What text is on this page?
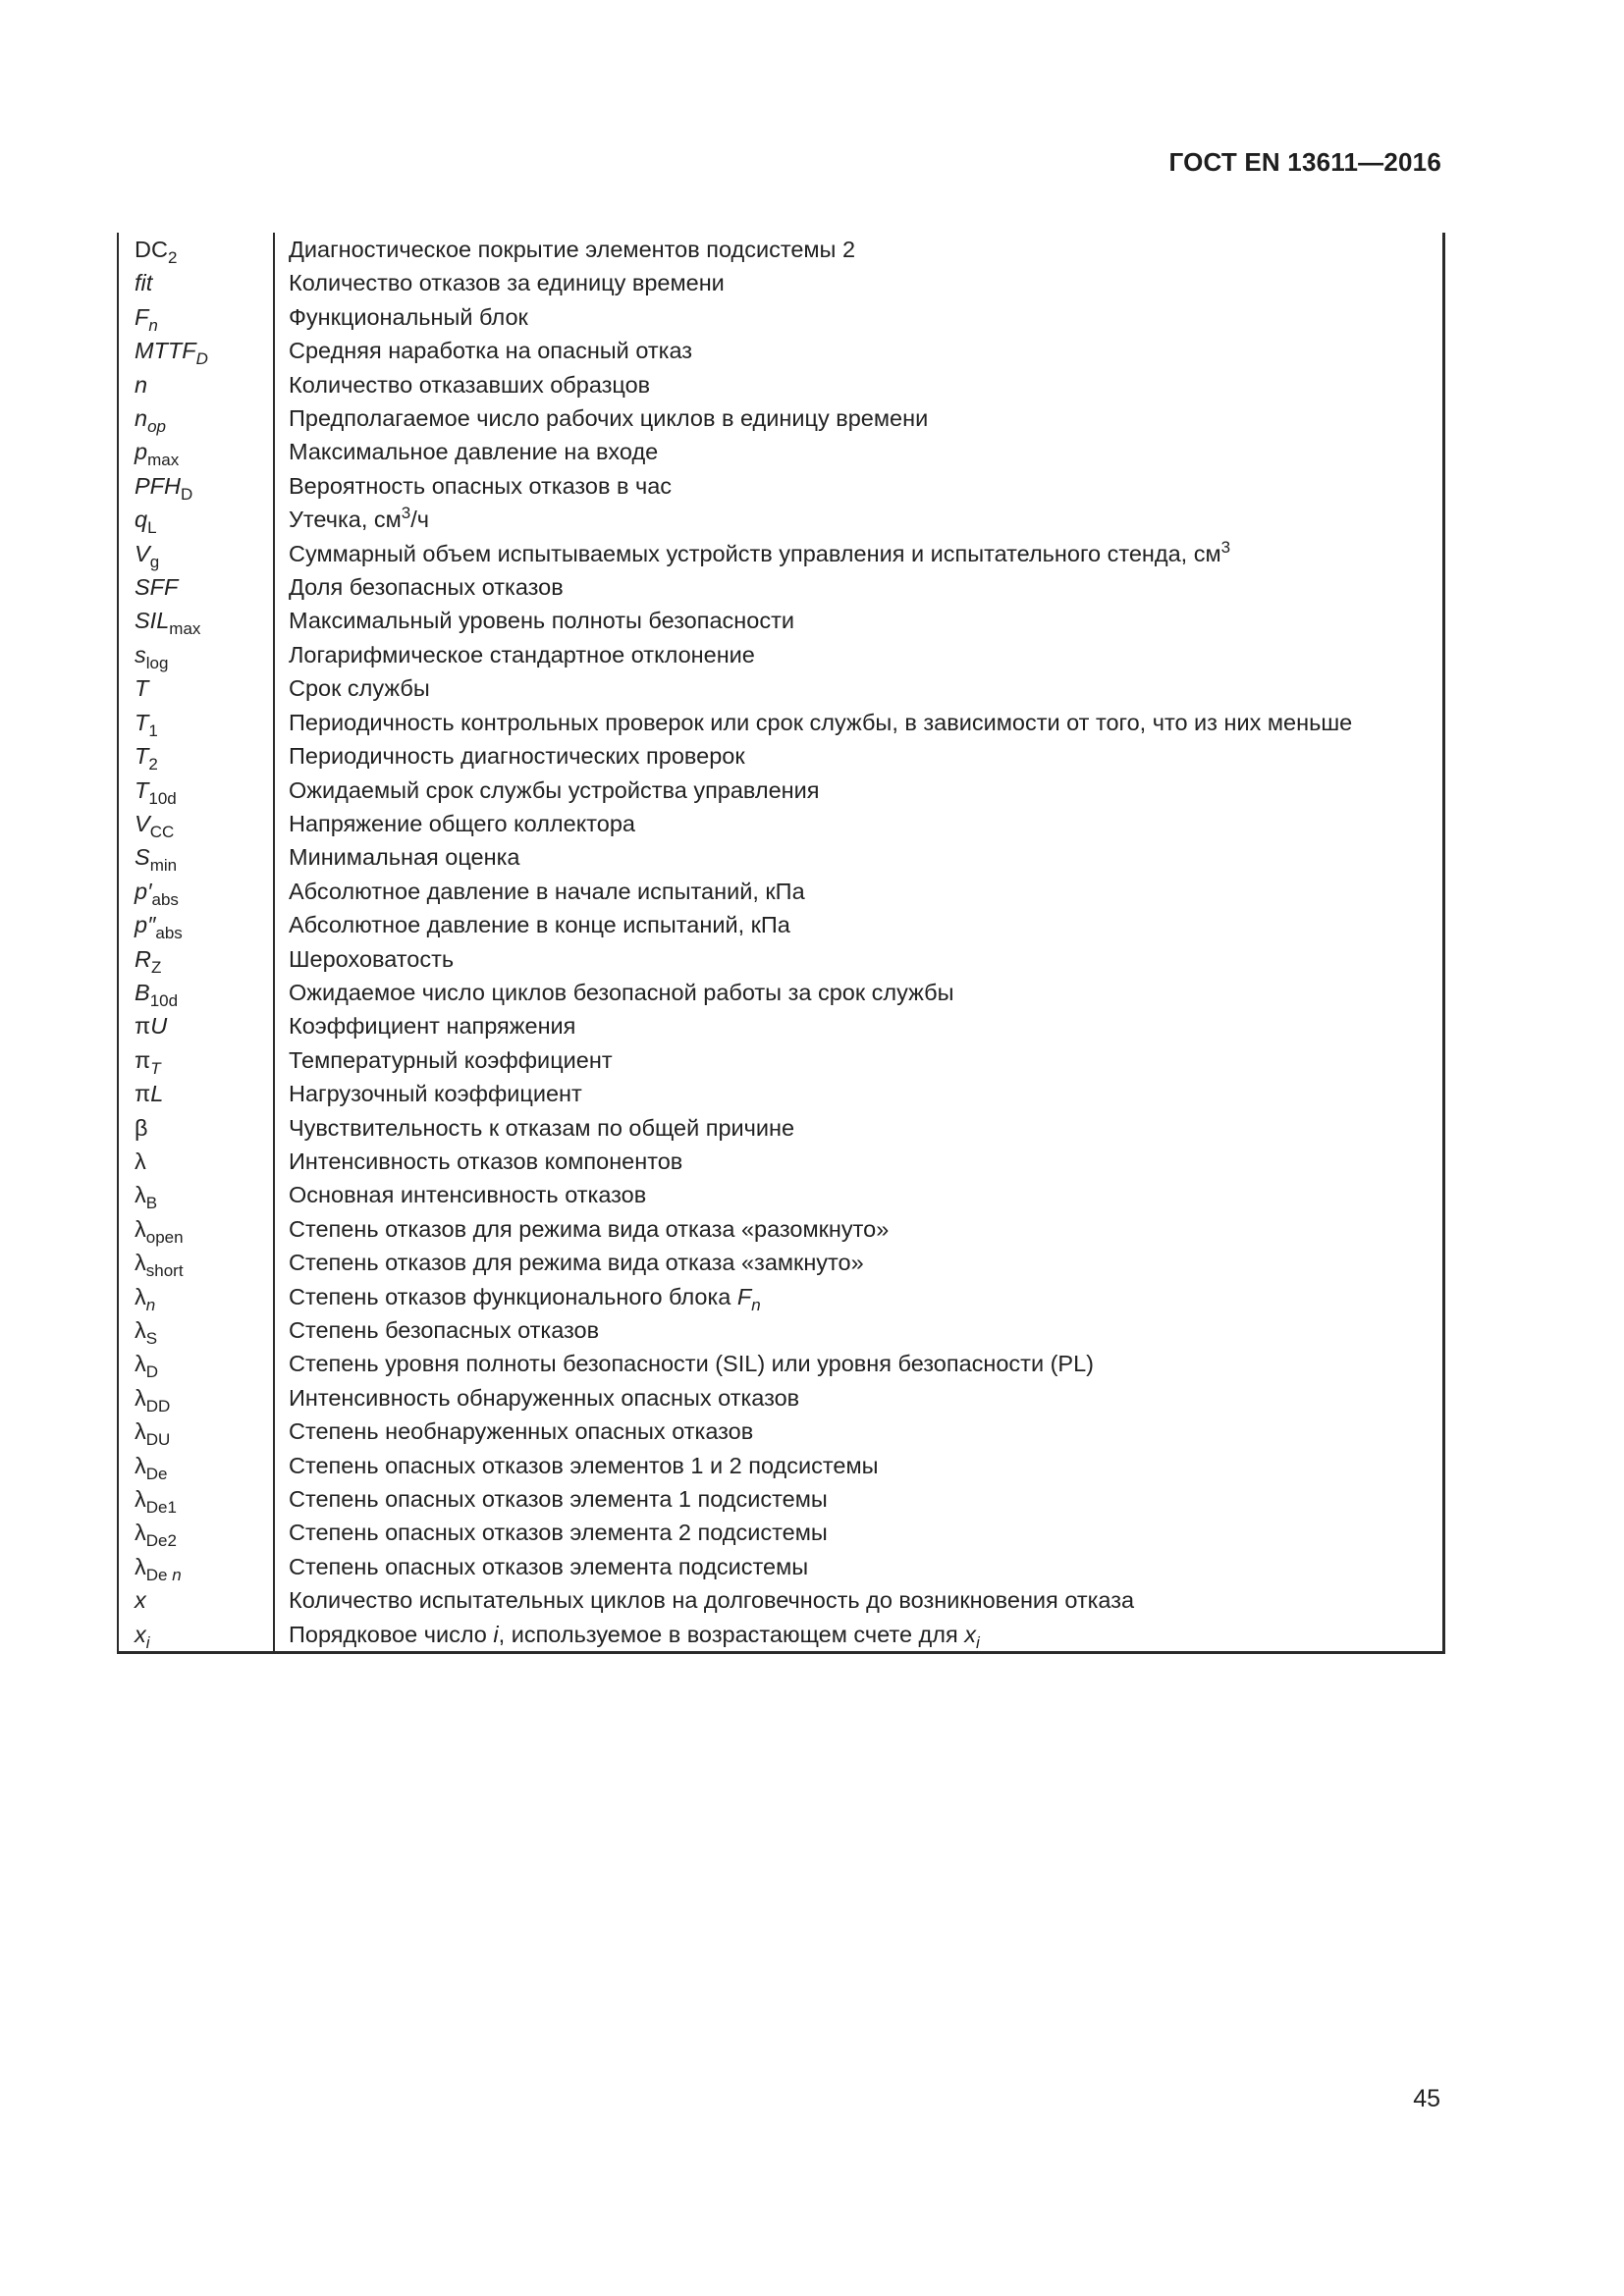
ГОСТ EN 13611—2016
$DC_2$	Диагностическое покрытие элементов подсистемы 2
fit	Количество отказов за единицу времени
$F_n$	Функциональный блок
$MTTF_D$	Средняя наработка на опасный отказ
n	Количество отказавших образцов
$n_{op}$	Предполагаемое число рабочих циклов в единицу времени
$p_{max}$	Максимальное давление на входе
$PFH_D$	Вероятность опасных отказов в час
$q_L$	Утечка, $см^3/ч$
$V_g$	Суммарный объем испытываемых устройств управления и испытательного стенда, $см^3$
SFF	Доля безопасных отказов
$SIL_{max}$	Максимальный уровень полноты безопасности
$s_{log}$	Логарифмическое стандартное отклонение
T	Срок службы
$T_1$	Периодичность контрольных проверок или срок службы, в зависимости от того, что из них меньше
$T_2$	Периодичность диагностических проверок
$T_{10d}$	Ожидаемый срок службы устройства управления
$V_{CC}$	Напряжение общего коллектора
$S_{min}$	Минимальная оценка
$p'_{abs}$	Абсолютное давление в начале испытаний, кПа
$p''_{abs}$	Абсолютное давление в конце испытаний, кПа
$R_Z$	Шероховатость
$B_{10d}$	Ожидаемое число циклов безопасной работы за срок службы
πU	Коэффициент напряжения
$\pi_T$	Температурный коэффициент
πL	Нагрузочный коэффициент
β	Чувствительность к отказам по общей причине
λ	Интенсивность отказов компонентов
$\lambda_B$	Основная интенсивность отказов
$\lambda_{open}$	Степень отказов для режима вида отказа «разомкнуто»
$\lambda_{short}$	Степень отказов для режима вида отказа «замкнуто»
$\lambda_n$	Степень отказов функционального блока $F_n$
$\lambda_S$	Степень безопасных отказов
$\lambda_D$	Степень уровня полноты безопасности (SIL) или уровня безопасности (PL)
$\lambda_{DD}$	Интенсивность обнаруженных опасных отказов
$\lambda_{DU}$	Степень необнаруженных опасных отказов
$\lambda_{De}$	Степень опасных отказов элементов 1 и 2 подсистемы
$\lambda_{De1}$	Степень опасных отказов элемента 1 подсистемы
$\lambda_{De2}$	Степень опасных отказов элемента 2 подсистемы
$\lambda_{De n}$	Степень опасных отказов элемента подсистемы
x	Количество испытательных циклов на долговечность до возникновения отказа
$x_i$	Порядковое число i, используемое в возрастающем счете для $x_i$
45
